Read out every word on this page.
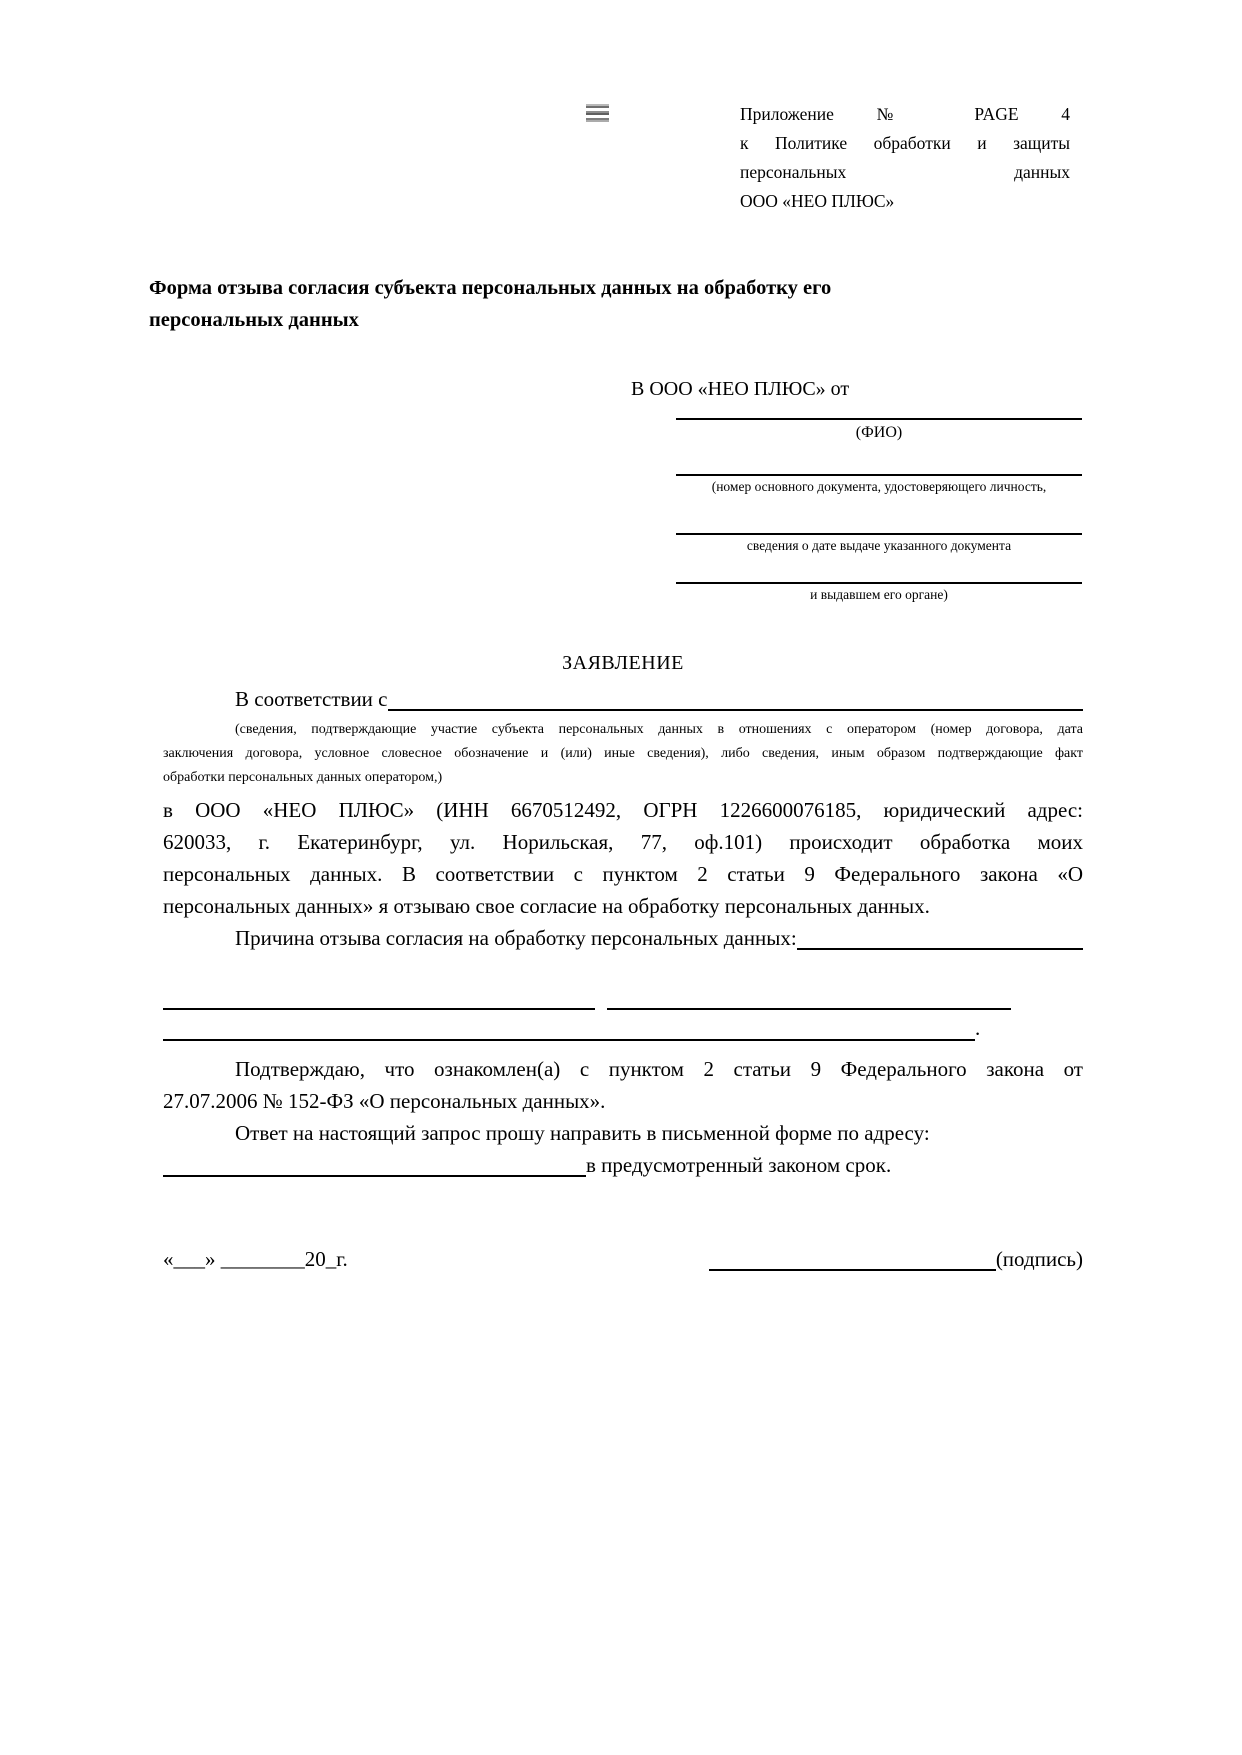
Приложение № PAGE 4
к Политике обработки и защиты
персональных данных
ООО «НЕО ПЛЮС»
Форма отзыва согласия субъекта персональных данных на обработку его
персональных данных
В ООО «НЕО ПЛЮС» от
(ФИО)
(номер основного документа, удостоверяющего личность,
сведения о дате выдаче указанного документа
и выдавшем его органе)
ЗАЯВЛЕНИЕ
В соответствии с
(сведения, подтверждающие участие субъекта персональных данных в отношениях с оператором (номер договора, дата
заключения договора, условное словесное обозначение и (или) иные сведения), либо сведения, иным образом подтверждающие факт
обработки персональных данных оператором,)
в ООО «НЕО ПЛЮС» (ИНН 6670512492, ОГРН 1226600076185, юридический адрес:
620033, г. Екатеринбург, ул. Норильская, 77, оф.101) происходит обработка моих
персональных данных. В соответствии с пунктом 2 статьи 9 Федерального закона «О
персональных данных» я отзываю свое согласие на обработку персональных данных.
Причина отзыва согласия на обработку персональных данных:
.
Подтверждаю, что ознакомлен(а) с пунктом 2 статьи 9 Федерального закона от
27.07.2006 № 152-ФЗ «О персональных данных».
Ответ на настоящий запрос прошу направить в письменной форме по адресу:
в предусмотренный законом срок.
«___» ________20_г.	(подпись)
